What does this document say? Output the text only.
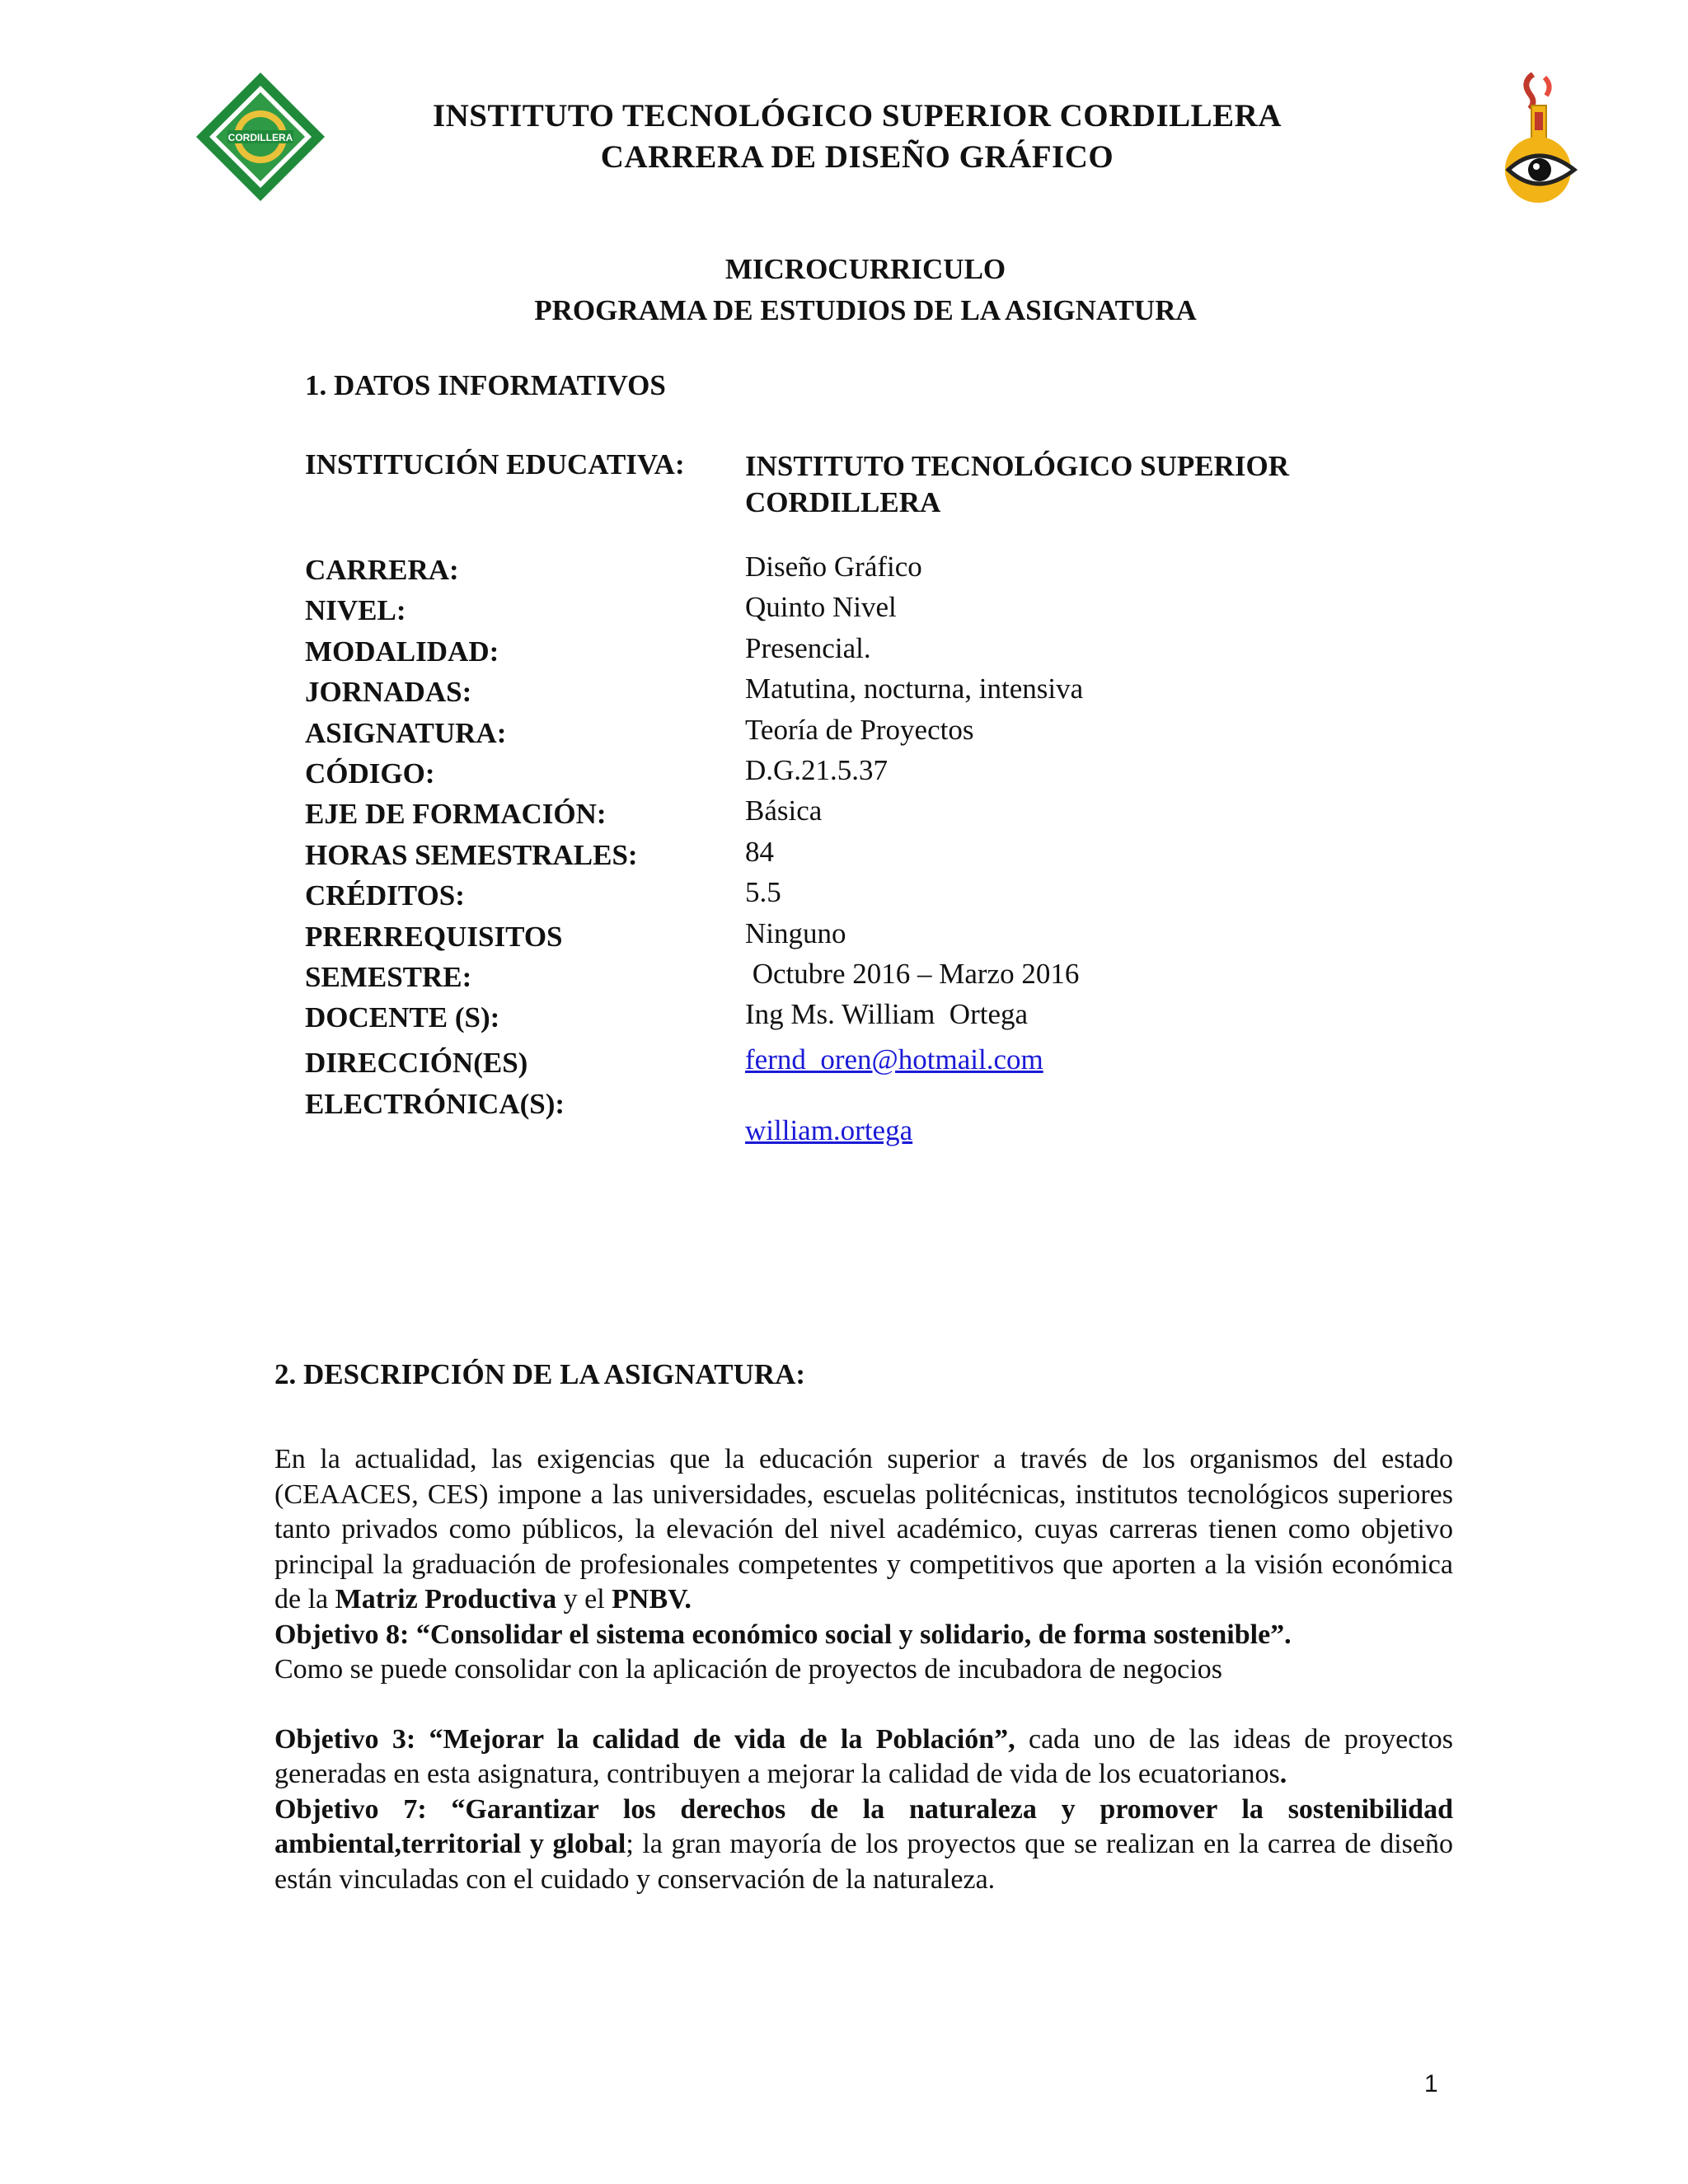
CORDILLERA
INSTITUTO TECNOLÓGICO SUPERIOR CORDILLERA
CARRERA DE DISEÑO GRÁFICO
MICROCURRICULO
PROGRAMA DE ESTUDIOS DE LA ASIGNATURA
1. DATOS INFORMATIVOS
INSTITUCIÓN EDUCATIVA: INSTITUTO TECNOLÓGICO SUPERIOR CORDILLERA
CARRERA:	Diseño Gráfico
NIVEL:	Quinto Nivel
MODALIDAD:	Presencial.
JORNADAS:	Matutina, nocturna, intensiva
ASIGNATURA:	Teoría de Proyectos
CÓDIGO:	D.G.21.5.37
EJE DE FORMACIÓN:	Básica
HORAS SEMESTRALES:	84
CRÉDITOS:	5.5
PRERREQUISITOS	Ninguno
SEMESTRE:	Octubre 2016 – Marzo 2016
DOCENTE (S):	Ing Ms. William  Ortega
DIRECCIÓN(ES)
ELECTRÓNICA(S):
fernd_oren@hotmail.com
william.ortega
2. DESCRIPCIÓN DE LA ASIGNATURA:

En la actualidad, las exigencias que la educación superior a través de los organismos del estado (CEAACES, CES) impone a las universidades, escuelas politécnicas, institutos tecnológicos superiores tanto privados como públicos, la elevación del nivel académico, cuyas carreras tienen como objetivo principal la graduación de profesionales competentes y competitivos que aporten a la visión económica de la Matriz Productiva y el PNBV.

Objetivo 8: “Consolidar el sistema económico social y solidario, de forma sostenible”.

Como se puede consolidar con la aplicación de proyectos de incubadora de negocios

Objetivo 3: “Mejorar la calidad de vida de la Población”, cada uno de las ideas de proyectos generadas en esta asignatura, contribuyen a mejorar la calidad de vida de los ecuatorianos.

Objetivo 7: “Garantizar los derechos de la naturaleza y promover la sostenibilidad ambiental,territorial y global; la gran mayoría de los proyectos que se realizan en la carrea de diseño están vinculadas con el cuidado y conservación de la naturaleza.

1
